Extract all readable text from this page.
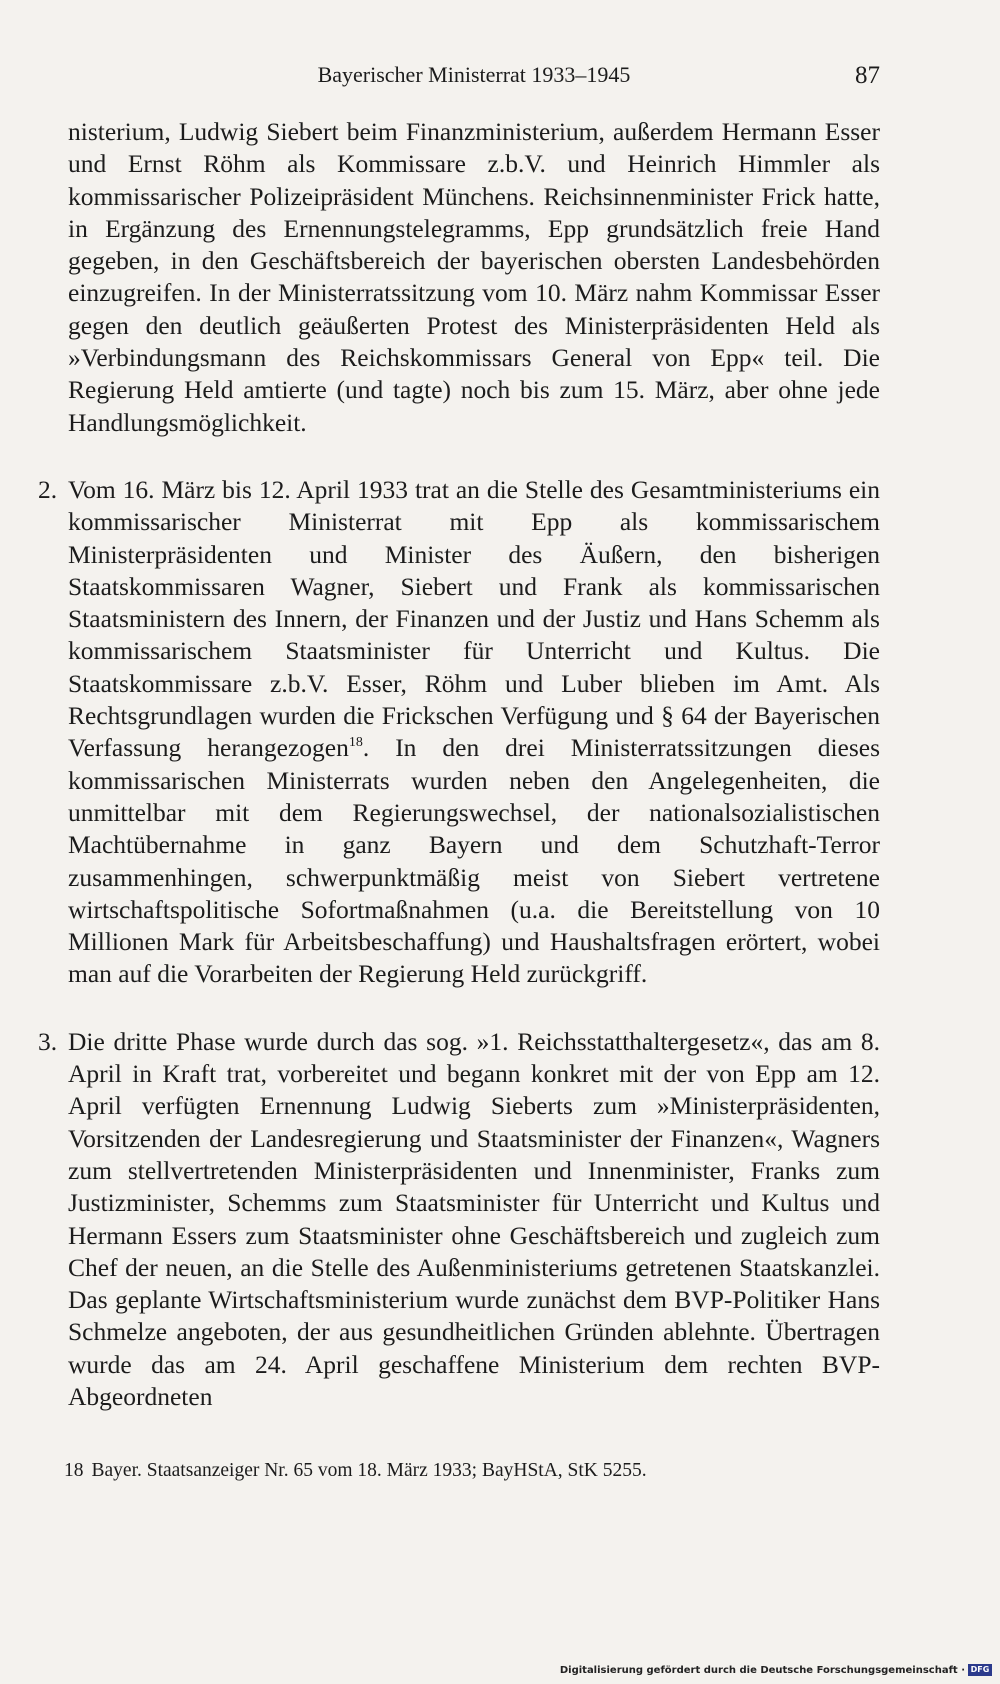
Bayerischer Ministerrat 1933–1945	87

nisterium, Ludwig Siebert beim Finanzministerium, außerdem Hermann Esser und Ernst Röhm als Kommissare z.b.V. und Heinrich Himmler als kommissarischer Polizeipräsident Münchens. Reichsinnenminister Frick hatte, in Ergänzung des Ernennungstelegramms, Epp grundsätzlich freie Hand gegeben, in den Geschäftsbereich der bayerischen obersten Landesbehörden einzugreifen. In der Ministerratssitzung vom 10. März nahm Kommissar Esser gegen den deutlich geäußerten Protest des Ministerpräsidenten Held als »Verbindungsmann des Reichskommissars General von Epp« teil. Die Regierung Held amtierte (und tagte) noch bis zum 15. März, aber ohne jede Handlungsmöglichkeit.

2. Vom 16. März bis 12. April 1933 trat an die Stelle des Gesamtministeriums ein kommissarischer Ministerrat mit Epp als kommissarischem Ministerpräsidenten und Minister des Äußern, den bisherigen Staatskommissaren Wagner, Siebert und Frank als kommissarischen Staatsministern des Innern, der Finanzen und der Justiz und Hans Schemm als kommissarischem Staatsminister für Unterricht und Kultus. Die Staatskommissare z.b.V. Esser, Röhm und Luber blieben im Amt. Als Rechtsgrundlagen wurden die Frickschen Verfügung und § 64 der Bayerischen Verfassung herangezogen$^{18}$. In den drei Ministerratssitzungen dieses kommissarischen Ministerrats wurden neben den Angelegenheiten, die unmittelbar mit dem Regierungswechsel, der nationalsozialistischen Machtübernahme in ganz Bayern und dem Schutzhaft-Terror zusammenhingen, schwerpunktmäßig meist von Siebert vertretene wirtschaftspolitische Sofortmaßnahmen (u.a. die Bereitstellung von 10 Millionen Mark für Arbeitsbeschaffung) und Haushaltsfragen erörtert, wobei man auf die Vorarbeiten der Regierung Held zurückgriff.
3. Die dritte Phase wurde durch das sog. »1. Reichsstatthaltergesetz«, das am 8. April in Kraft trat, vorbereitet und begann konkret mit der von Epp am 12. April verfügten Ernennung Ludwig Sieberts zum »Ministerpräsidenten, Vorsitzenden der Landesregierung und Staatsminister der Finanzen«, Wagners zum stellvertretenden Ministerpräsidenten und Innenminister, Franks zum Justizminister, Schemms zum Staatsminister für Unterricht und Kultus und Hermann Essers zum Staatsminister ohne Geschäftsbereich und zugleich zum Chef der neuen, an die Stelle des Außenministeriums getretenen Staatskanzlei. Das geplante Wirtschaftsministerium wurde zunächst dem BVP-Politiker Hans Schmelze angeboten, der aus gesundheitlichen Gründen ablehnte. Übertragen wurde das am 24. April geschaffene Ministerium dem rechten BVP-Abgeordneten
18 Bayer. Staatsanzeiger Nr. 65 vom 18. März 1933; BayHStA, StK 5255.
Digitalisierung gefördert durch die Deutsche Forschungsgemeinschaft · DFG
